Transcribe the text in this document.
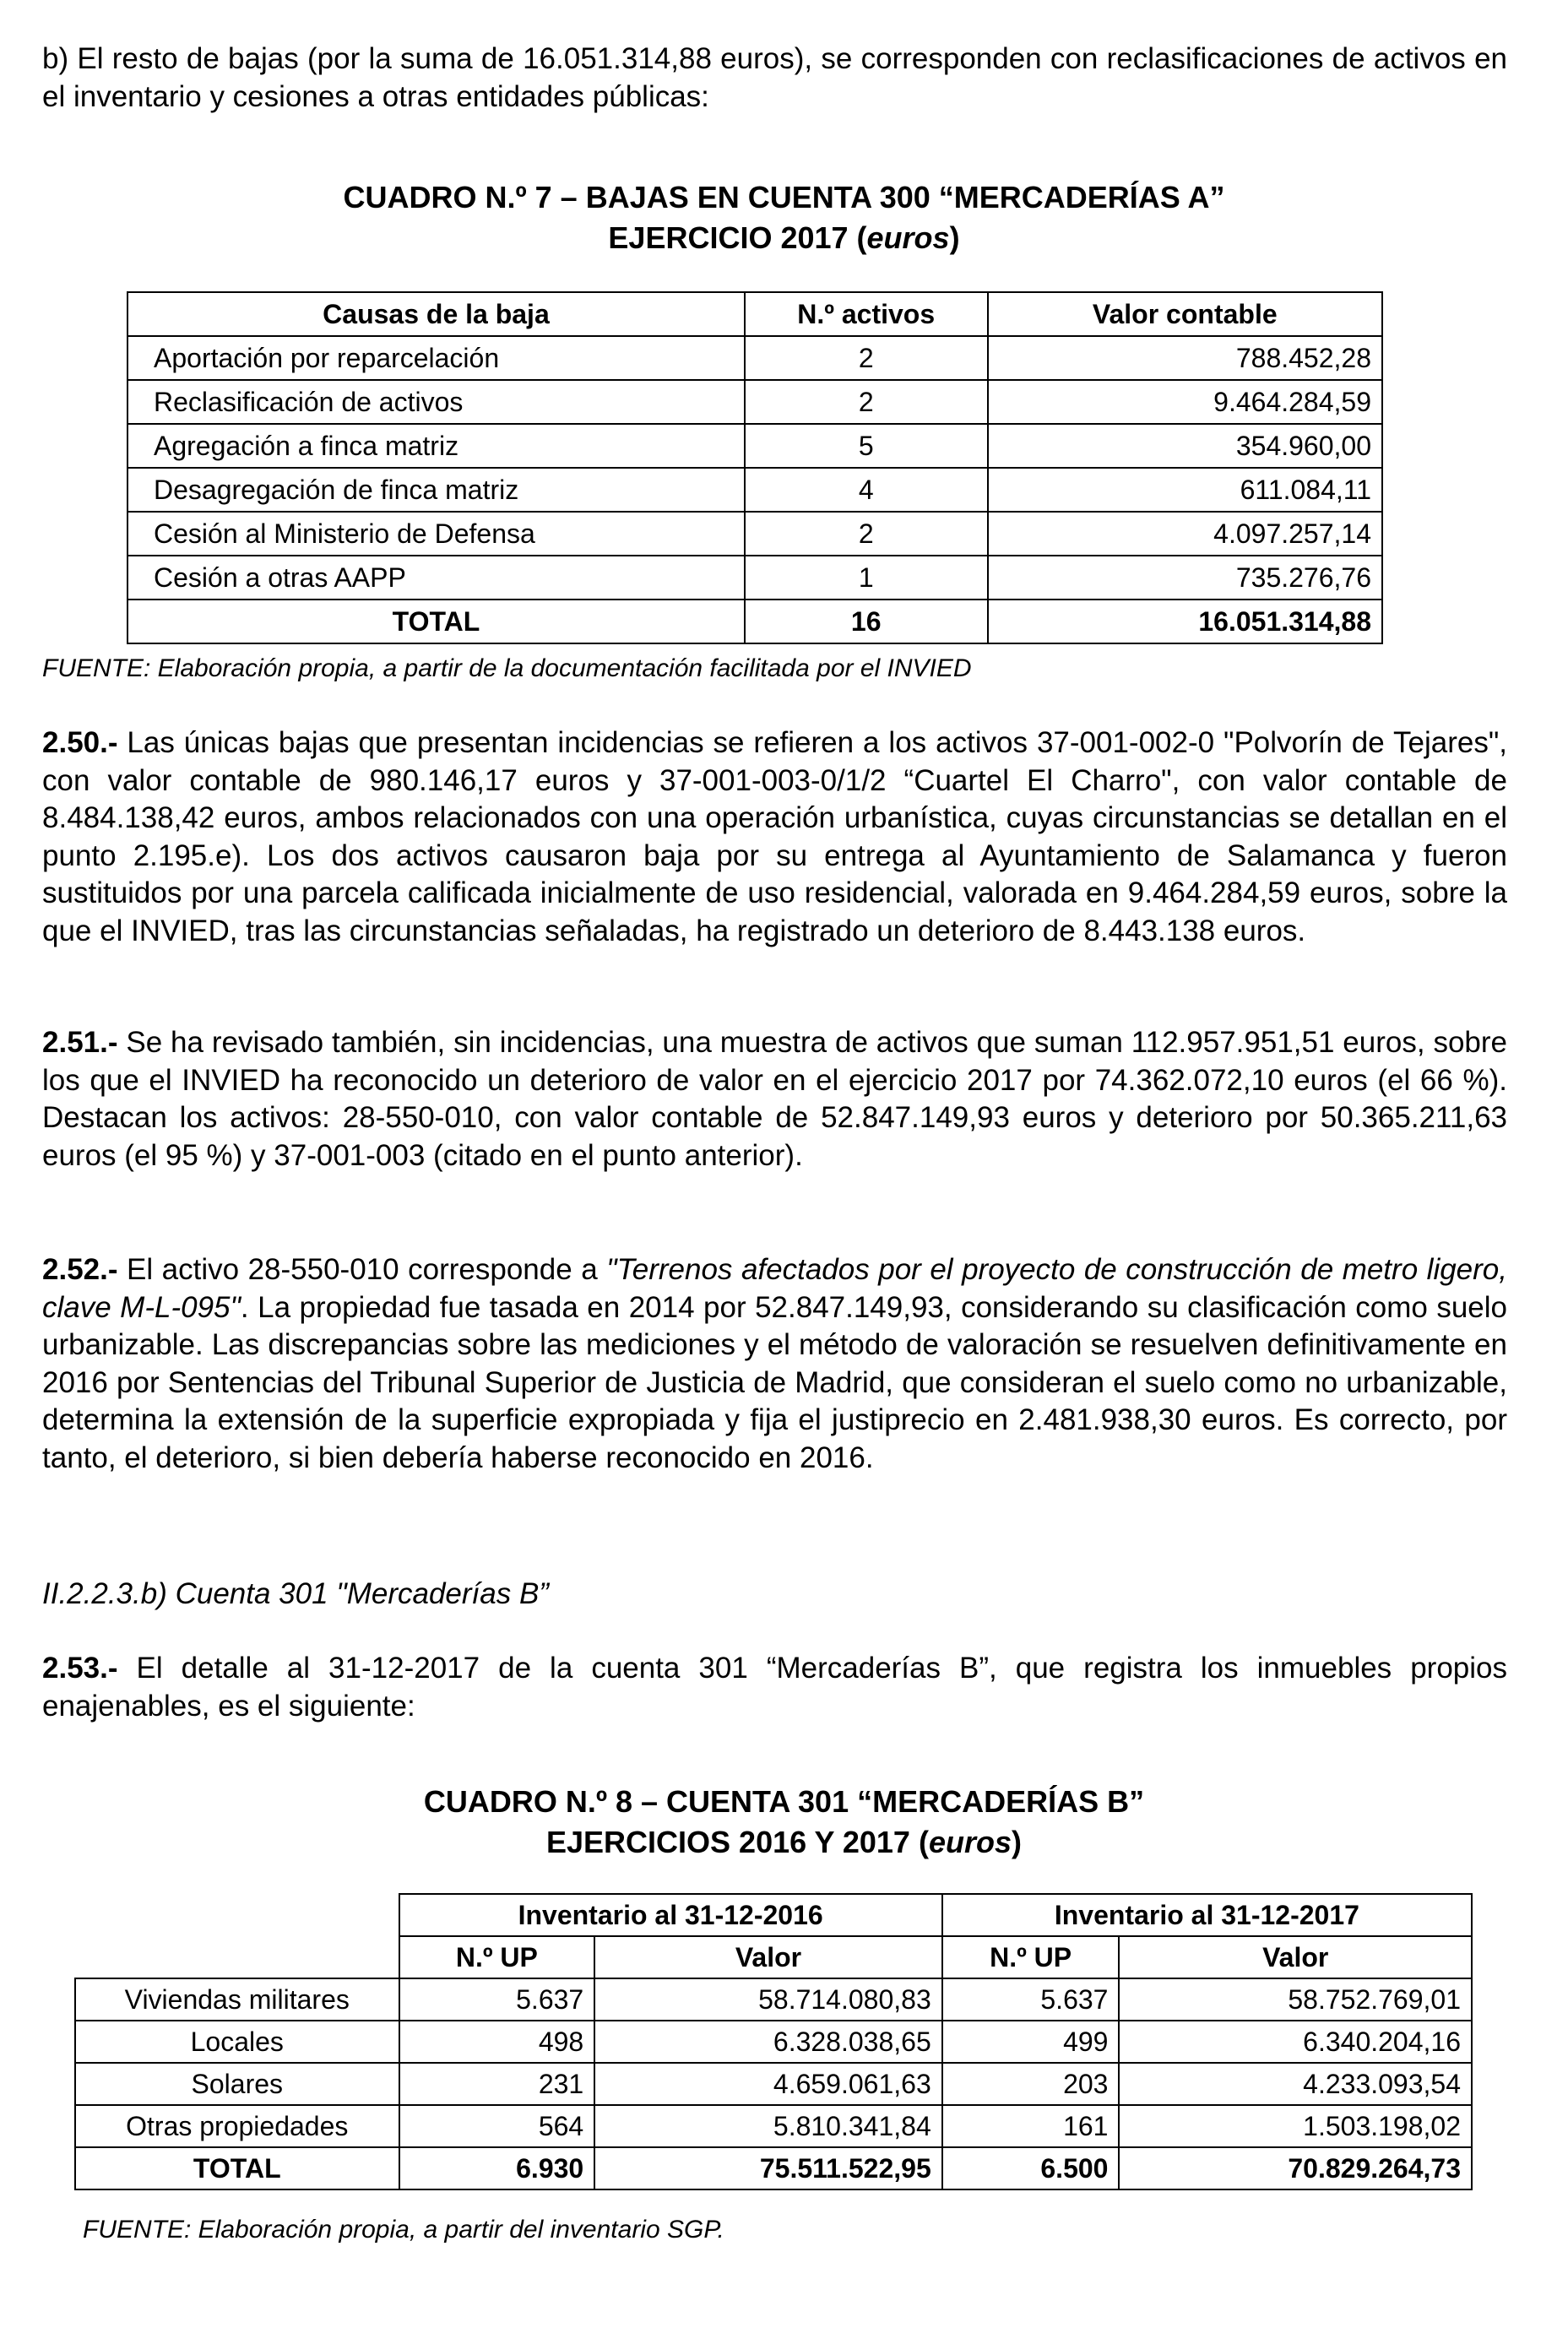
b) El resto de bajas (por la suma de 16.051.314,88 euros), se corresponden con reclasificaciones de activos en el inventario y cesiones a otras entidades públicas:

CUADRO N.º 7 – BAJAS EN CUENTA 300 “MERCADERÍAS A”
EJERCICIO 2017 (euros)
Causas de la baja	N.º activos	Valor contable
Aportación por reparcelación	2	788.452,28
Reclasificación de activos	2	9.464.284,59
Agregación a finca matriz	5	354.960,00
Desagregación de finca matriz	4	611.084,11
Cesión al Ministerio de Defensa	2	4.097.257,14
Cesión a otras AAPP	1	735.276,76
TOTAL	16	16.051.314,88
FUENTE: Elaboración propia, a partir de la documentación facilitada por el INVIED

2.50.- Las únicas bajas que presentan incidencias se refieren a los activos 37-001-002-0 "Polvorín de Tejares", con valor contable de 980.146,17 euros y 37-001-003-0/1/2 “Cuartel El Charro", con valor contable de 8.484.138,42 euros, ambos relacionados con una operación urbanística, cuyas circunstancias se detallan en el punto 2.195.e). Los dos activos causaron baja por su entrega al Ayuntamiento de Salamanca y fueron sustituidos por una parcela calificada inicialmente de uso residencial, valorada en 9.464.284,59 euros, sobre la que el INVIED, tras las circunstancias señaladas, ha registrado un deterioro de 8.443.138 euros.

2.51.- Se ha revisado también, sin incidencias, una muestra de activos que suman 112.957.951,51 euros, sobre los que el INVIED ha reconocido un deterioro de valor en el ejercicio 2017 por 74.362.072,10 euros (el 66 %). Destacan los activos: 28-550-010, con valor contable de 52.847.149,93 euros y deterioro por 50.365.211,63 euros (el 95 %) y 37-001-003 (citado en el punto anterior).

2.52.- El activo 28-550-010 corresponde a "Terrenos afectados por el proyecto de construcción de metro ligero, clave M-L-095". La propiedad fue tasada en 2014 por 52.847.149,93, considerando su clasificación como suelo urbanizable. Las discrepancias sobre las mediciones y el método de valoración se resuelven definitivamente en 2016 por Sentencias del Tribunal Superior de Justicia de Madrid, que consideran el suelo como no urbanizable, determina la extensión de la superficie expropiada y fija el justiprecio en 2.481.938,30 euros. Es correcto, por tanto, el deterioro, si bien debería haberse reconocido en 2016.

II.2.2.3.b) Cuenta 301 "Mercaderías B”

2.53.- El detalle al 31-12-2017 de la cuenta 301 “Mercaderías B”, que registra los inmuebles propios enajenables, es el siguiente:

CUADRO N.º 8 – CUENTA 301 “MERCADERÍAS B”
EJERCICIOS 2016 Y 2017 (euros)
	Inventario al 31-12-2016		Inventario al 31-12-2017	
	N.º UP	Valor	N.º UP	Valor
Viviendas militares	5.637	58.714.080,83	5.637	58.752.769,01
Locales	498	6.328.038,65	499	6.340.204,16
Solares	231	4.659.061,63	203	4.233.093,54
Otras propiedades	564	5.810.341,84	161	1.503.198,02
TOTAL	6.930	75.511.522,95	6.500	70.829.264,73
FUENTE: Elaboración propia, a partir del inventario SGP.
